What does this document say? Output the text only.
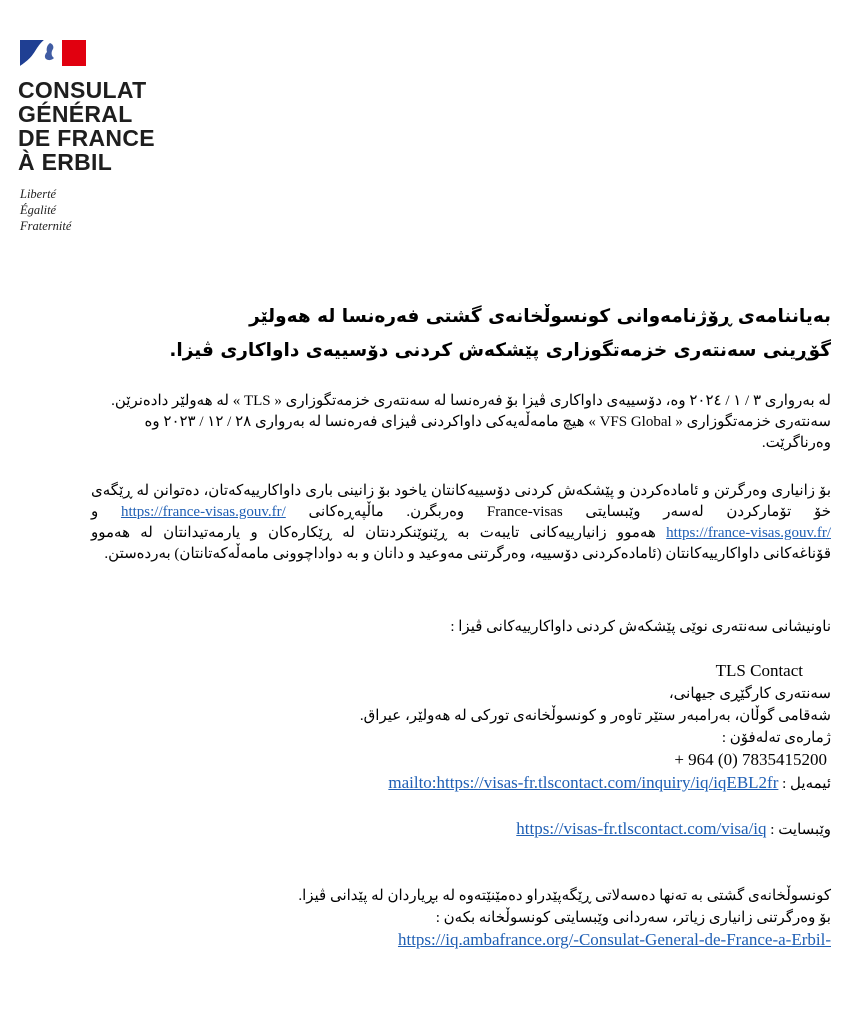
CONSULAT
GÉNÉRAL
DE FRANCE
À ERBIL
Liberté
Égalité
Fraternité
بەیاننامەی ڕۆژنامەوانی کونسوڵخانەی گشتی فەرەنسا لە هەولێر
گۆڕینی سەنتەری خزمەتگوزاری پێشکەش کردنی دۆسییەی داواکاری ڤیزا.

لە بەرواری ٣ / ١ / ٢٠٢٤ وە، دۆسییەی داواکاری ڤیزا بۆ فەرەنسا لە سەنتەری خزمەتگوزاری « TLS » لە هەولێر دادەنرێن. سەنتەری خزمەتگوزاری « VFS Global » هیچ مامەڵەیەکی داواکردنی ڤیزای فەرەنسا لە بەرواری ٢٨ / ١٢ / ٢٠٢٣ وە وەرناگرێت.

بۆ زانیاری وەرگرتن و ئامادەکردن و پێشکەش کردنی دۆسییەکانتان یاخود بۆ زانینی باری داواکارییەکەتان، دەتوانن لە ڕێگەی خۆ تۆمارکردن لەسەر وێبسایتی France-visas وەربگرن. ماڵپەڕەکانی https://france-visas.gouv.fr/ و https://france-visas.gouv.fr/ هەموو زانیارییەکانی تایبەت بە ڕێنوێنکردنتان لە ڕێکارەکان و یارمەتیدانتان لە هەموو قۆناغەکانی داواکارییەکانتان (ئامادەکردنی دۆسییە، وەرگرتنی مەوعید و دانان و بە دواداچوونی مامەڵەکەتانتان) بەردەستن.

ناونیشانی سەنتەری نوێی پێشکەش کردنی داواکارییەکانی ڤیزا :

TLS Contact
سەنتەری کارگێڕی جیهانی،
شەقامی گوڵان، بەرامبەر ستێر تاوەر و کونسوڵخانەی تورکی لە هەولێر، عیراق.
ژمارەی تەلەفۆن :
+ 964 (0) 7835415200
ئیمەیل : mailto:https://visas-fr.tlscontact.com/inquiry/iq/iqEBL2fr
وێبسایت : https://visas-fr.tlscontact.com/visa/iq
کونسوڵخانەی گشتی بە تەنها دەسەلاتی ڕێگەپێدراو دەمێنێتەوە لە بڕیاردان لە پێدانی ڤیزا.
بۆ وەرگرتنی زانیاری زیاتر، سەردانی وێبسایتی کونسوڵخانە بکەن :
https://iq.ambafrance.org/-Consulat-General-de-France-a-Erbil-
